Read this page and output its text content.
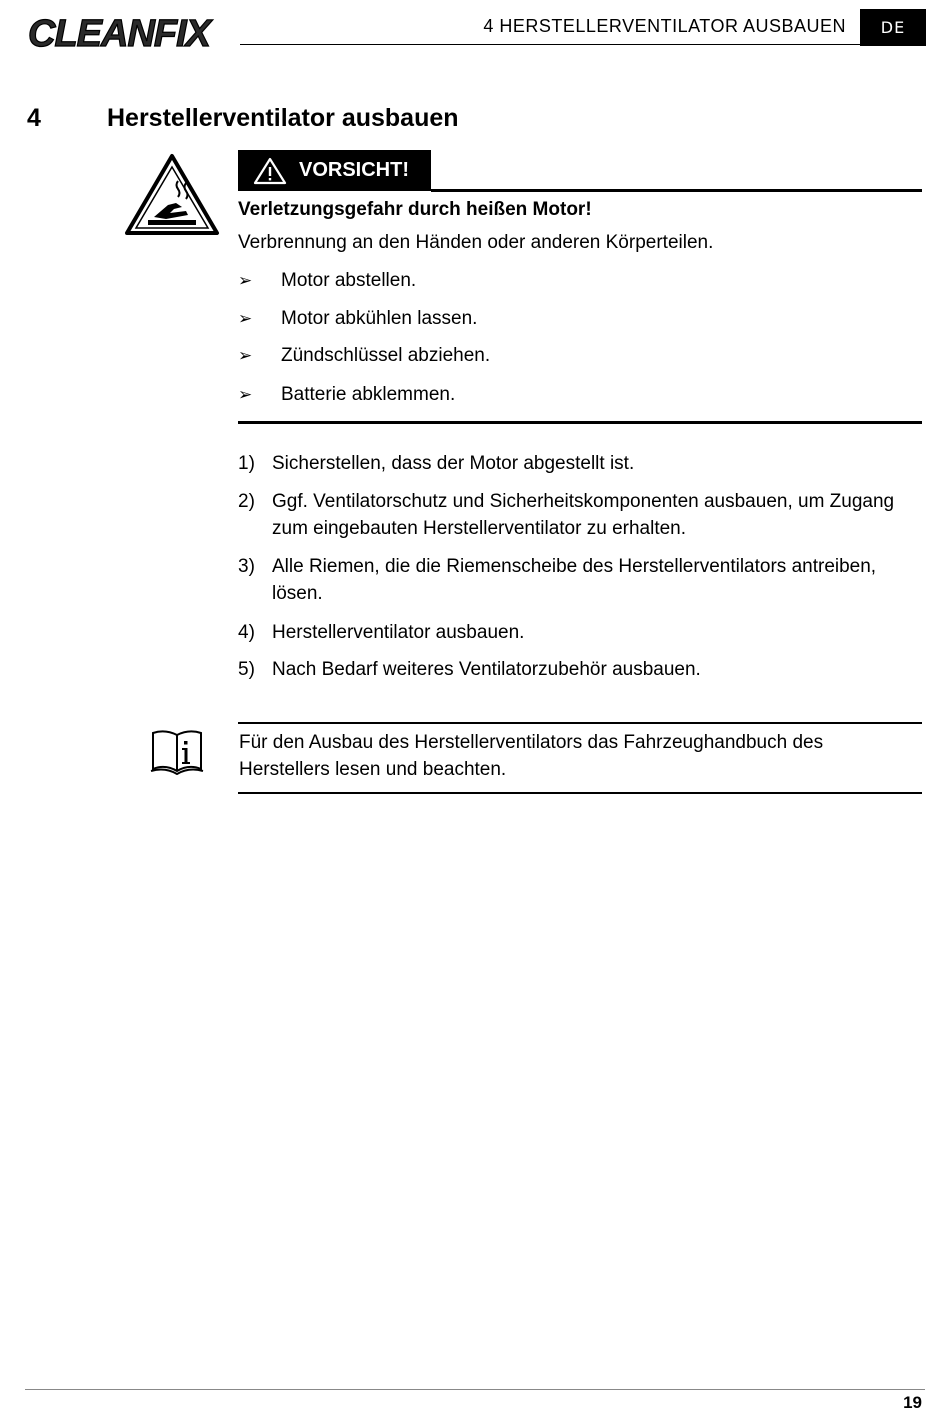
CLEANFIX	4 HERSTELLERVENTILATOR AUSBAUEN	DE
4	Herstellerventilator ausbauen
VORSICHT!
Verletzungsgefahr durch heißen Motor!
Verbrennung an den Händen oder anderen Körperteilen.
➢ Motor abstellen.
➢ Motor abkühlen lassen.
➢ Zündschlüssel abziehen.
➢ Batterie abklemmen.
1) Sicherstellen, dass der Motor abgestellt ist.
2) Ggf. Ventilatorschutz und Sicherheitskomponenten ausbauen, um Zugang zum eingebauten Herstellerventilator zu erhalten.
3) Alle Riemen, die die Riemenscheibe des Herstellerventilators antreiben, lösen.
4) Herstellerventilator ausbauen.
5) Nach Bedarf weiteres Ventilatorzubehör ausbauen.
Für den Ausbau des Herstellerventilators das Fahrzeughandbuch des Herstellers lesen und beachten.
19
